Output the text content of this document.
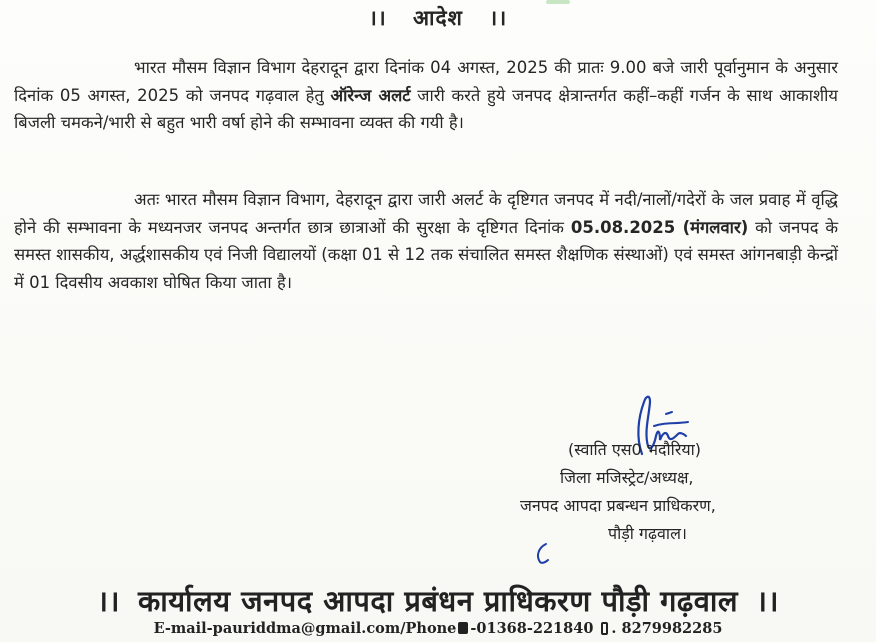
।। आदेश ।।

भारत मौसम विज्ञान विभाग देहरादून द्वारा दिनांक 04 अगस्त, 2025 की प्रातः 9.00 बजे जारी पूर्वानुमान के अनुसार दिनांक 05 अगस्त, 2025 को जनपद गढ़वाल हेतु ऑरेन्ज अलर्ट जारी करते हुये जनपद क्षेत्रान्तर्गत कहीं–कहीं गर्जन के साथ आकाशीय बिजली चमकने/भारी से बहुत भारी वर्षा होने की सम्भावना व्यक्त की गयी है।

अतः भारत मौसम विज्ञान विभाग, देहरादून द्वारा जारी अलर्ट के दृष्टिगत जनपद में नदी/नालों/गदेरों के जल प्रवाह में वृद्धि होने की सम्भावना के मध्यनजर जनपद अन्तर्गत छात्र छात्राओं की सुरक्षा के दृष्टिगत दिनांक 05.08.2025 (मंगलवार) को जनपद के समस्त शासकीय, अर्द्धशासकीय एवं निजी विद्यालयों (कक्षा 01 से 12 तक संचालित समस्त शैक्षणिक संस्थाओं) एवं समस्त आंगनबाड़ी केन्द्रों में 01 दिवसीय अवकाश घोषित किया जाता है।

(स्वाति एस0 भदौरिया)
जिला मजिस्ट्रेट/अध्यक्ष,
जनपद आपदा प्रबन्धन प्राधिकरण,
पौड़ी गढ़वाल।
।। कार्यालय जनपद आपदा प्रबंधन प्राधिकरण पौड़ी गढ़वाल ।।
E-mail-pauriddma@gmail.com/Phone -01368-221840 . 8279982285
